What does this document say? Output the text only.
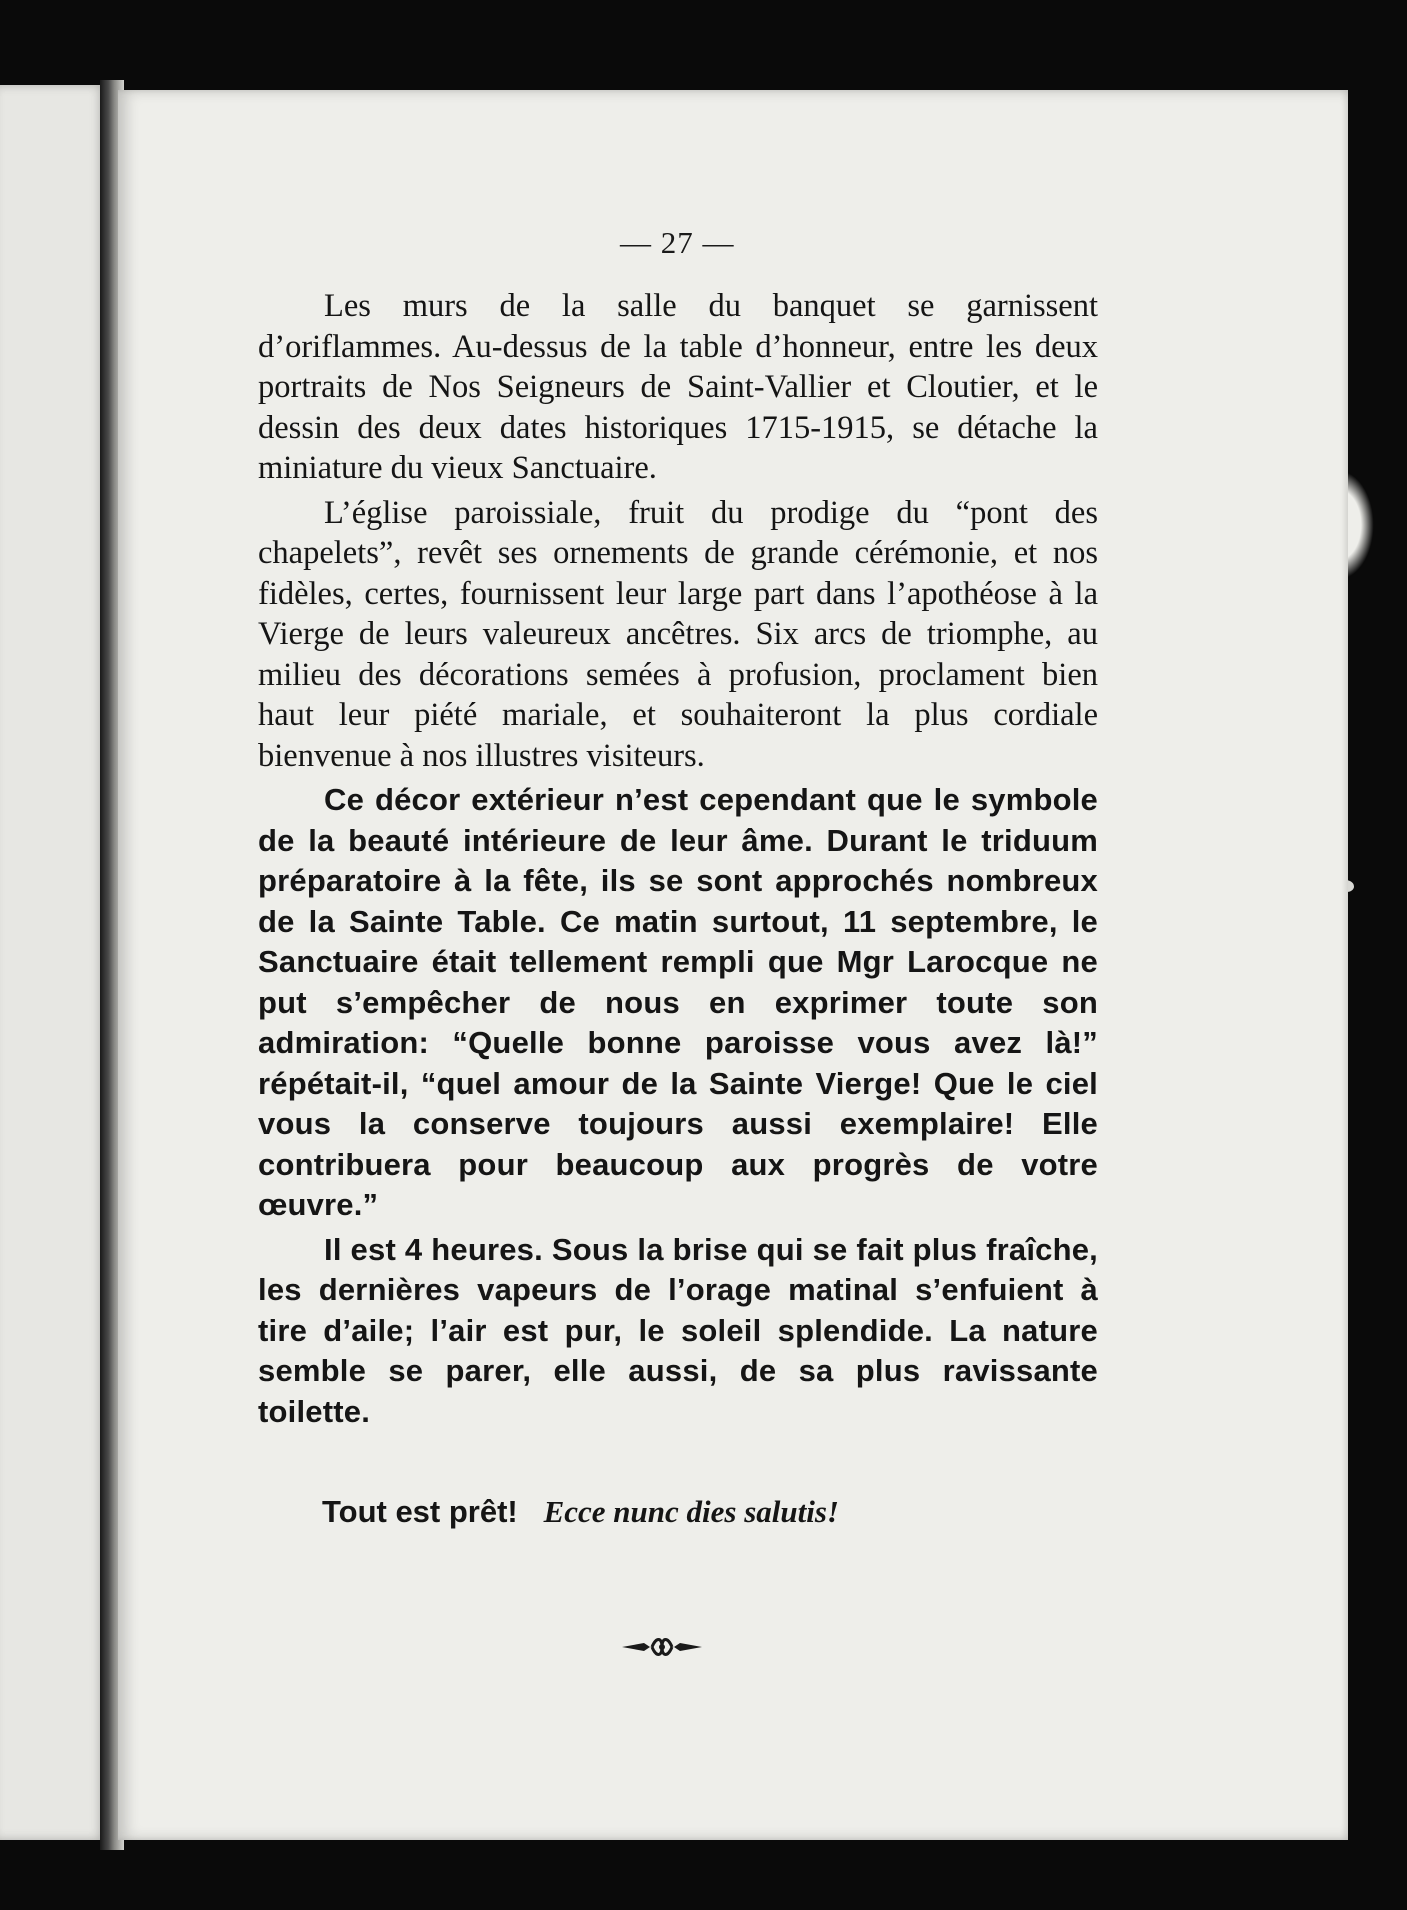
— 27 —

Les murs de la salle du banquet se garnissent d’oriflammes. Au-dessus de la table d’honneur, entre les deux portraits de Nos Seigneurs de Saint-Vallier et Cloutier, et le dessin des deux dates historiques 1715-1915, se détache la miniature du vieux Sanctuaire.

L’église paroissiale, fruit du prodige du “pont des chapelets”, revêt ses ornements de grande cérémonie, et nos fidèles, certes, fournissent leur large part dans l’apothéose à la Vierge de leurs valeureux ancêtres. Six arcs de triomphe, au milieu des décorations semées à profusion, proclament bien haut leur piété mariale, et souhaiteront la plus cordiale bienvenue à nos illustres visiteurs.

Ce décor extérieur n’est cependant que le symbole de la beauté intérieure de leur âme. Durant le triduum préparatoire à la fête, ils se sont approchés nombreux de la Sainte Table. Ce matin surtout, 11 septembre, le Sanctuaire était tellement rempli que Mgr Larocque ne put s’empêcher de nous en exprimer toute son admiration: “Quelle bonne paroisse vous avez là!” répétait-il, “quel amour de la Sainte Vierge! Que le ciel vous la conserve toujours aussi exemplaire! Elle contribuera pour beaucoup aux progrès de votre œuvre.”

Il est 4 heures. Sous la brise qui se fait plus fraîche, les dernières vapeurs de l’orage matinal s’enfuient à tire d’aile; l’air est pur, le soleil splendide. La nature semble se parer, elle aussi, de sa plus ravissante toilette.

Tout est prêt! Ecce nunc dies salutis!
